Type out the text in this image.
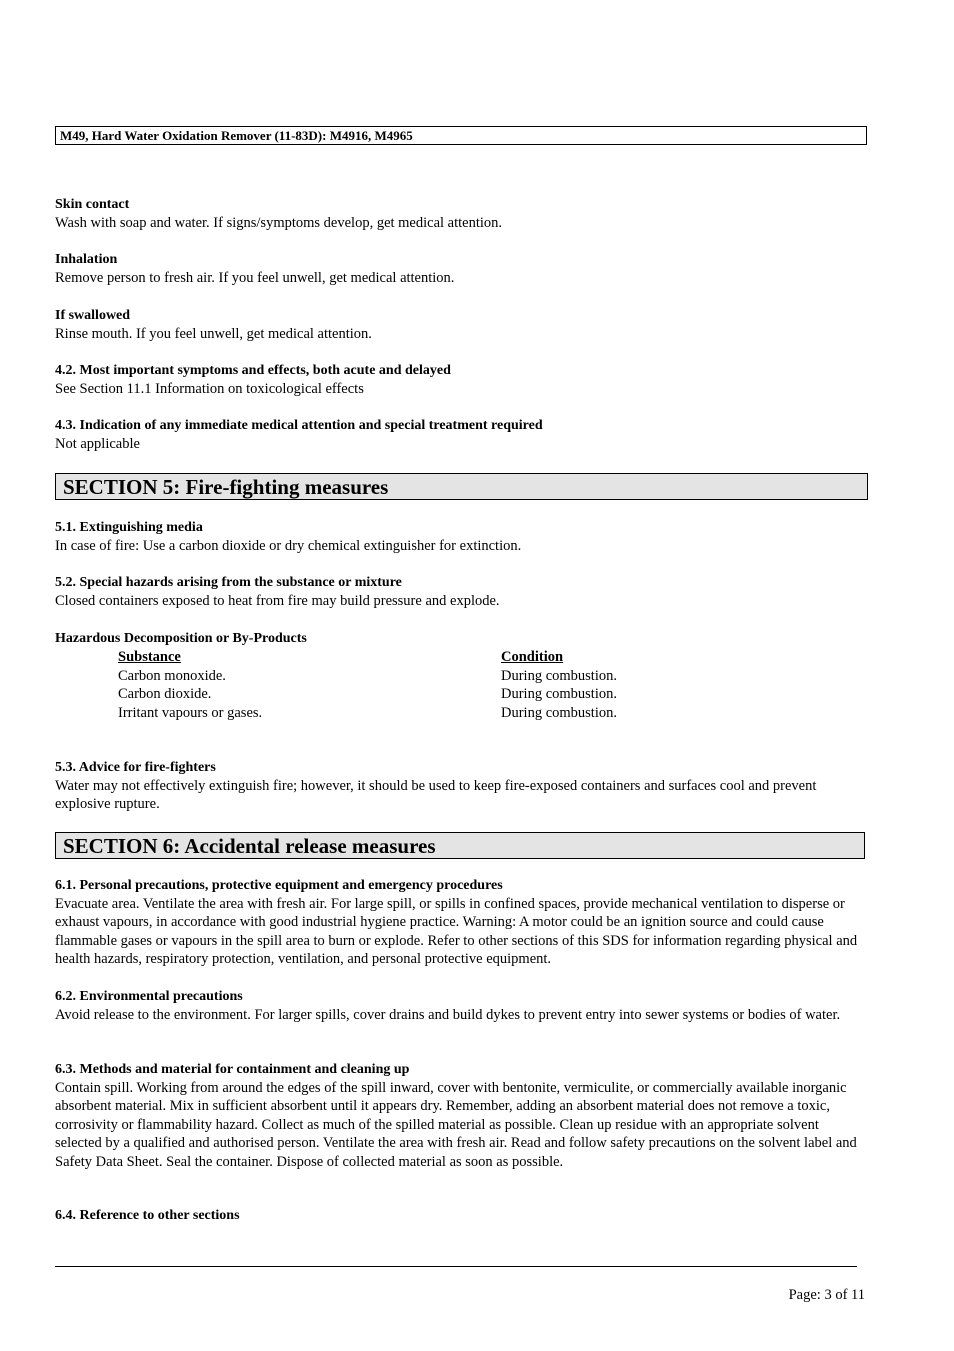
M49, Hard Water Oxidation Remover (11-83D): M4916, M4965
Skin contact
Wash with soap and water. If signs/symptoms develop, get medical attention.
Inhalation
Remove person to fresh air. If you feel unwell, get medical attention.
If swallowed
Rinse mouth. If you feel unwell, get medical attention.
4.2. Most important symptoms and effects, both acute and delayed
See Section 11.1 Information on toxicological effects
4.3. Indication of any immediate medical attention and special treatment required
Not applicable
SECTION 5: Fire-fighting measures
5.1. Extinguishing media
In case of fire: Use a carbon dioxide or dry chemical extinguisher for extinction.
5.2. Special hazards arising from the substance or mixture
Closed containers exposed to heat from fire may build pressure and explode.
Hazardous Decomposition or By-Products
Substance	Condition
Carbon monoxide.	During combustion.
Carbon dioxide.	During combustion.
Irritant vapours or gases.	During combustion.
5.3. Advice for fire-fighters
Water may not effectively extinguish fire; however, it should be used to keep fire-exposed containers and surfaces cool and prevent explosive rupture.
SECTION 6: Accidental release measures
6.1. Personal precautions, protective equipment and emergency procedures
Evacuate area. Ventilate the area with fresh air. For large spill, or spills in confined spaces, provide mechanical ventilation to disperse or exhaust vapours, in accordance with good industrial hygiene practice. Warning: A motor could be an ignition source and could cause flammable gases or vapours in the spill area to burn or explode. Refer to other sections of this SDS for information regarding physical and health hazards, respiratory protection, ventilation, and personal protective equipment.
6.2. Environmental precautions
Avoid release to the environment. For larger spills, cover drains and build dykes to prevent entry into sewer systems or bodies of water.
6.3. Methods and material for containment and cleaning up
Contain spill. Working from around the edges of the spill inward, cover with bentonite, vermiculite, or commercially available inorganic absorbent material. Mix in sufficient absorbent until it appears dry. Remember, adding an absorbent material does not remove a toxic, corrosivity or flammability hazard. Collect as much of the spilled material as possible. Clean up residue with an appropriate solvent selected by a qualified and authorised person. Ventilate the area with fresh air. Read and follow safety precautions on the solvent label and Safety Data Sheet. Seal the container. Dispose of collected material as soon as possible.
6.4. Reference to other sections
Page: 3 of 11
